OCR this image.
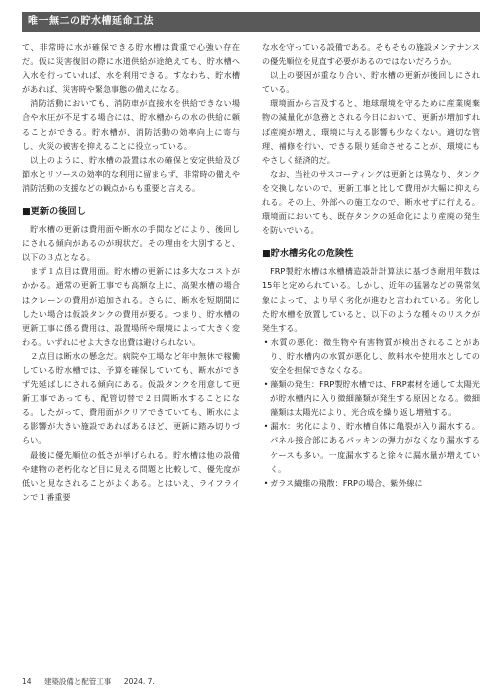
唯一無二の貯水槽延命工法

て、非常時に水が確保できる貯水槽は貴重で心強い存在だ。仮に災害復旧の際に水道供給が途絶えても、貯水槽へ入水を行っていれば、水を利用できる。すなわち、貯水槽があれば、災害時や緊急事態の備えになる。

消防活動においても、消防車が直接水を供給できない場合や水圧が不足する場合には、貯水槽からの水の供給に頼ることができる。貯水槽が、消防活動の効率向上に寄与し、火災の被害を抑えることに役立っている。

以上のように、貯水槽の設置は水の確保と安定供給及び節水とリソースの効率的な利用に留まらず、非常時の備えや消防活動の支援などの観点からも重要と言える。

■更新の後回し

貯水槽の更新は費用面や断水の手間などにより、後回しにされる傾向があるのが現状だ。その理由を大別すると、以下の３点となる。

まず１点目は費用面。貯水槽の更新には多大なコストがかかる。通常の更新工事でも高額な上に、高架水槽の場合はクレーンの費用が追加される。さらに、断水を短期間にしたい場合は仮設タンクの費用が要る。つまり、貯水槽の更新工事に係る費用は、設置場所や環境によって大きく変わる。いずれにせよ大きな出費は避けられない。

２点目は断水の懸念だ。病院や工場など年中無休で稼働している貯水槽では、予算を確保していても、断水ができず先延ばしにされる傾向にある。仮設タンクを用意して更新工事であっても、配管切替で２日間断水することになる。したがって、費用面がクリアできていても、断水による影響が大きい施設であればあるほど、更新に踏み切りづらい。

最後に優先順位の低さが挙げられる。貯水槽は他の設備や建物の老朽化など目に見える問題と比較して、優先度が低いと見なされることがよくある。とはいえ、ライフラインで１番重要

な水を守っている設備である。そもそもの施設メンテナンスの優先順位を見直す必要があるのではないだろうか。

以上の要因が重なり合い、貯水槽の更新が後回しにされている。

環境面から言及すると、地球環境を守るために産業廃棄物の減量化が急務とされる今日において、更新が増加すれば産廃が増え、環境に与える影響も少なくない。適切な管理、補修を行い、できる限り延命させることが、環境にもやさしく経済的だ。

なお、当社のサスコーティングは更新とは異なり、タンクを交換しないので、更新工事と比して費用が大幅に抑えられる。その上、外部への施工なので、断水せずに行える。環境面においても、既存タンクの延命化により産廃の発生を防いでいる。

■貯水槽劣化の危険性

FRP製貯水槽は水槽構造設計計算法に基づき耐用年数は15年と定められている。しかし、近年の猛暑などの異常気象によって、より早く劣化が進むと言われている。劣化した貯水槽を放置していると、以下のような種々のリスクが発生する。

• 水質の悪化：微生物や有害物質が検出されることがあり、貯水槽内の水質が悪化し、飲料水や使用水としての安全を担保できなくなる。
• 藻類の発生：FRP製貯水槽では、FRP素材を通して太陽光が貯水槽内に入り微細藻類が発生する原因となる。微細藻類は太陽光により、光合成を繰り返し増殖する。
• 漏水：劣化により、貯水槽自体に亀裂が入り漏水する。パネル接合部にあるパッキンの弾力がなくなり漏水するケースも多い。一度漏水すると徐々に漏水量が増えていく。
• ガラス繊維の飛散：FRPの場合、紫外線に
14 建築設備と配管工事 2024. 7.
